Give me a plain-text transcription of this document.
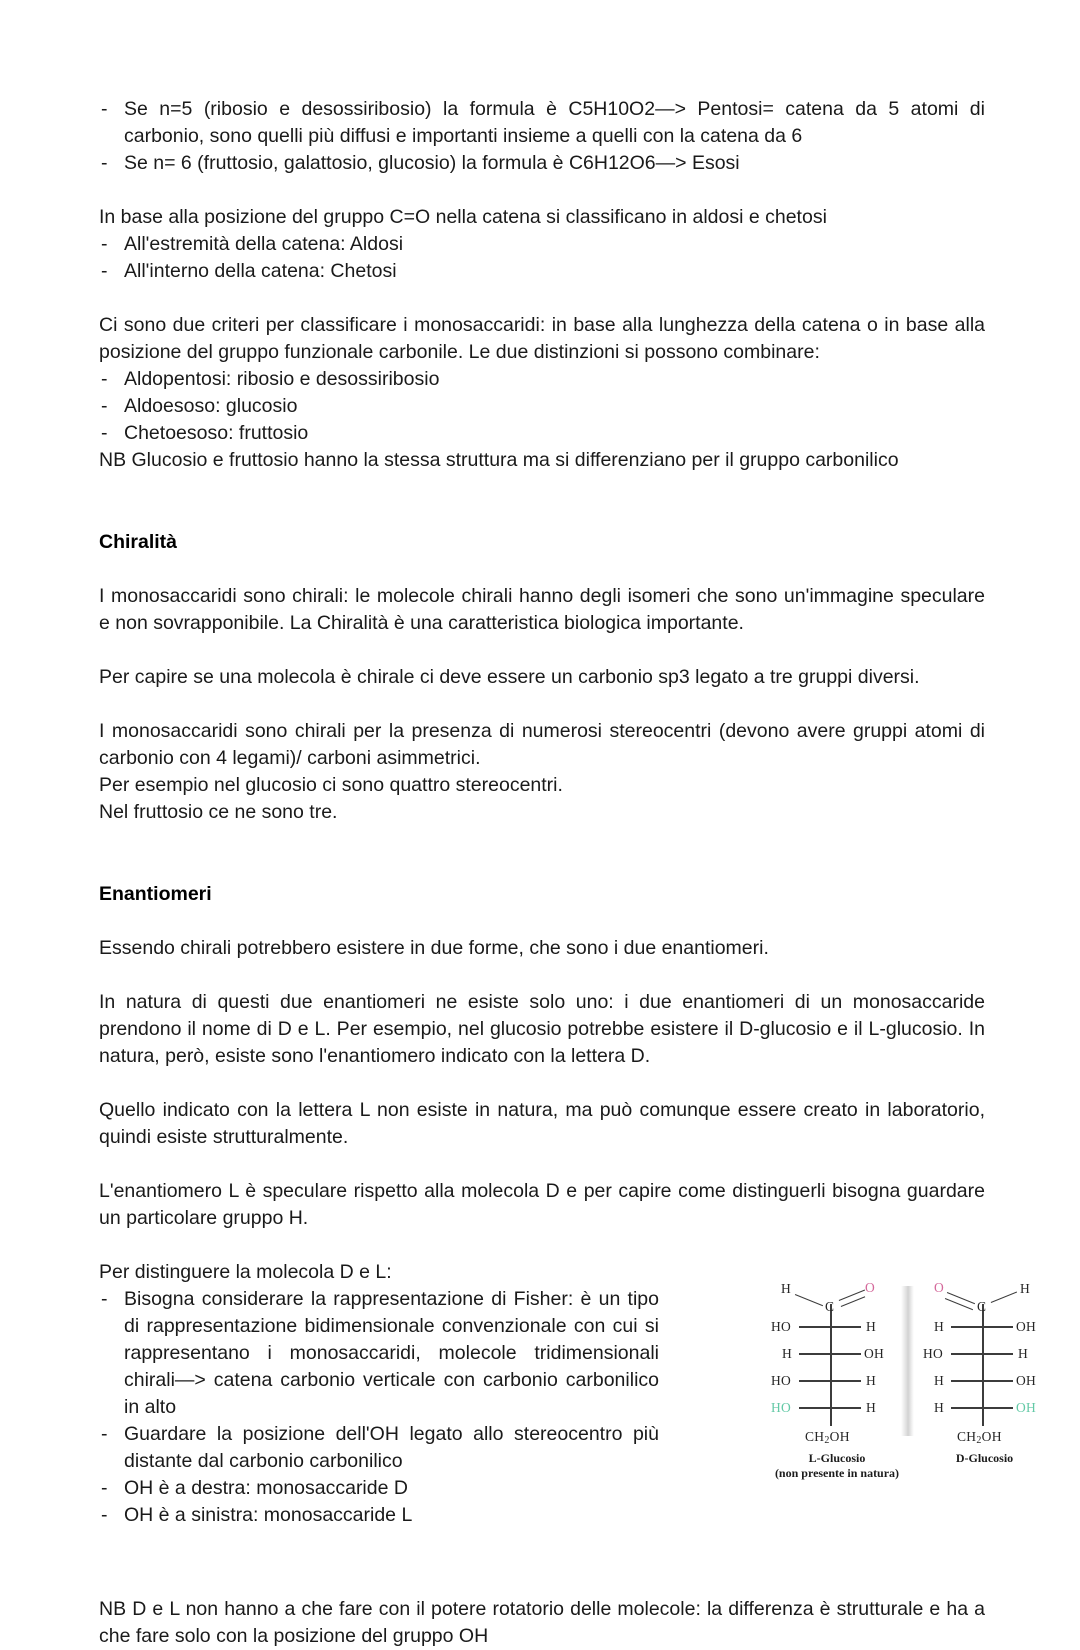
- Se n=5 (ribosio e desossiribosio) la formula è C5H10O2—> Pentosi= catena da 5 atomi di carbonio, sono quelli più diffusi e importanti insieme a quelli con la catena da 6
- Se n= 6 (fruttosio, galattosio, glucosio) la formula è C6H12O6—> Esosi

In base alla posizione del gruppo C=O nella catena si classificano in aldosi e chetosi

- All'estremità della catena: Aldosi
- All'interno della catena: Chetosi

Ci sono due criteri per classificare i monosaccaridi: in base alla lunghezza della catena o in base alla posizione del gruppo funzionale carbonile. Le due distinzioni si possono combinare:

- Aldopentosi: ribosio e desossiribosio
- Aldoesoso: glucosio
- Chetoesoso: fruttosio

NB Glucosio e fruttosio hanno la stessa struttura ma si differenziano per il gruppo carbonilico

Chiralità

I monosaccaridi sono chirali: le molecole chirali hanno degli isomeri che sono un'immagine speculare e non sovrapponibile. La Chiralità è una caratteristica biologica importante.

Per capire se una molecola è chirale ci deve essere un carbonio sp3 legato a tre gruppi diversi.

I monosaccaridi sono chirali per la presenza di numerosi stereocentri (devono avere gruppi atomi di carbonio con 4 legami)/ carboni asimmetrici.

Per esempio nel glucosio ci sono quattro stereocentri.

Nel fruttosio ce ne sono tre.

Enantiomeri

Essendo chirali potrebbero esistere in due forme, che sono i due enantiomeri.

In natura di questi due enantiomeri ne esiste solo uno: i due enantiomeri di un monosaccaride prendono il nome di D e L. Per esempio, nel glucosio potrebbe esistere il D-glucosio e il L-glucosio. In natura, però, esiste sono l'enantiomero indicato con la lettera D.

Quello indicato con la lettera L non esiste in natura, ma può comunque essere creato in laboratorio, quindi esiste strutturalmente.

L'enantiomero L è speculare rispetto alla molecola D e per capire come distinguerli bisogna guardare un particolare gruppo H.

Per distinguere la molecola D e L:

- Bisogna considerare la rappresentazione di Fisher: è un tipo di rappresentazione bidimensionale convenzionale con cui si rappresentano i monosaccaridi, molecole tridimensionali chirali—> catena carbonio verticale con carbonio carbonilico in alto
- Guardare la posizione dell'OH legato allo stereocentro più distante dal carbonio carbonilico
- OH è a destra: monosaccaride D
- OH è a sinistra: monosaccaride L
H
C
O
HO	H
H	OH
HO	H
HO	H
$CH_2OH$
O
C
H
H	OH
HO	H
H	OH
H	OH
$CH_2OH$
L-Glucosio
(non presente in natura)
D-Glucosio

NB D e L non hanno a che fare con il potere rotatorio delle molecole: la differenza è strutturale e ha a che fare solo con la posizione del gruppo OH
